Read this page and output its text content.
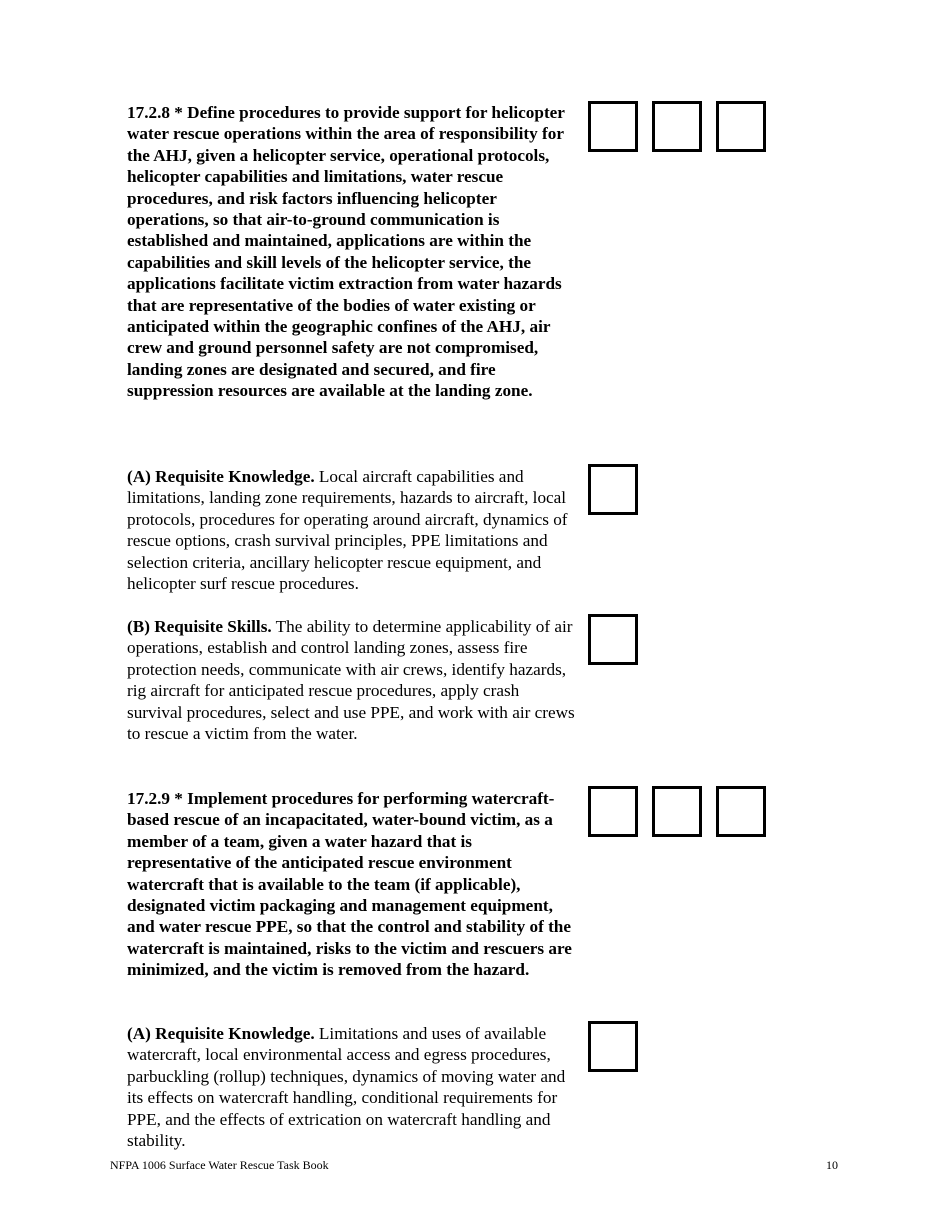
17.2.8 * Define procedures to provide support for helicopter water rescue operations within the area of responsibility for the AHJ, given a helicopter service, operational protocols, helicopter capabilities and limitations, water rescue procedures, and risk factors influencing helicopter operations, so that air-to-ground communication is established and maintained, applications are within the capabilities and skill levels of the helicopter service, the applications facilitate victim extraction from water hazards that are representative of the bodies of water existing or anticipated within the geographic confines of the AHJ, air crew and ground personnel safety are not compromised, landing zones are designated and secured, and fire suppression resources are available at the landing zone.
(A) Requisite Knowledge. Local aircraft capabilities and limitations, landing zone requirements, hazards to aircraft, local protocols, procedures for operating around aircraft, dynamics of rescue options, crash survival principles, PPE limitations and selection criteria, ancillary helicopter rescue equipment, and helicopter surf rescue procedures.
(B) Requisite Skills. The ability to determine applicability of air operations, establish and control landing zones, assess fire protection needs, communicate with air crews, identify hazards, rig aircraft for anticipated rescue procedures, apply crash survival procedures, select and use PPE, and work with air crews to rescue a victim from the water.
17.2.9 * Implement procedures for performing watercraft-based rescue of an incapacitated, water-bound victim, as a member of a team, given a water hazard that is representative of the anticipated rescue environment watercraft that is available to the team (if applicable), designated victim packaging and management equipment, and water rescue PPE, so that the control and stability of the watercraft is maintained, risks to the victim and rescuers are minimized, and the victim is removed from the hazard.
(A) Requisite Knowledge. Limitations and uses of available watercraft, local environmental access and egress procedures, parbuckling (rollup) techniques, dynamics of moving water and its effects on watercraft handling, conditional requirements for PPE, and the effects of extrication on watercraft handling and stability.
NFPA 1006 Surface Water Rescue Task Book	10
